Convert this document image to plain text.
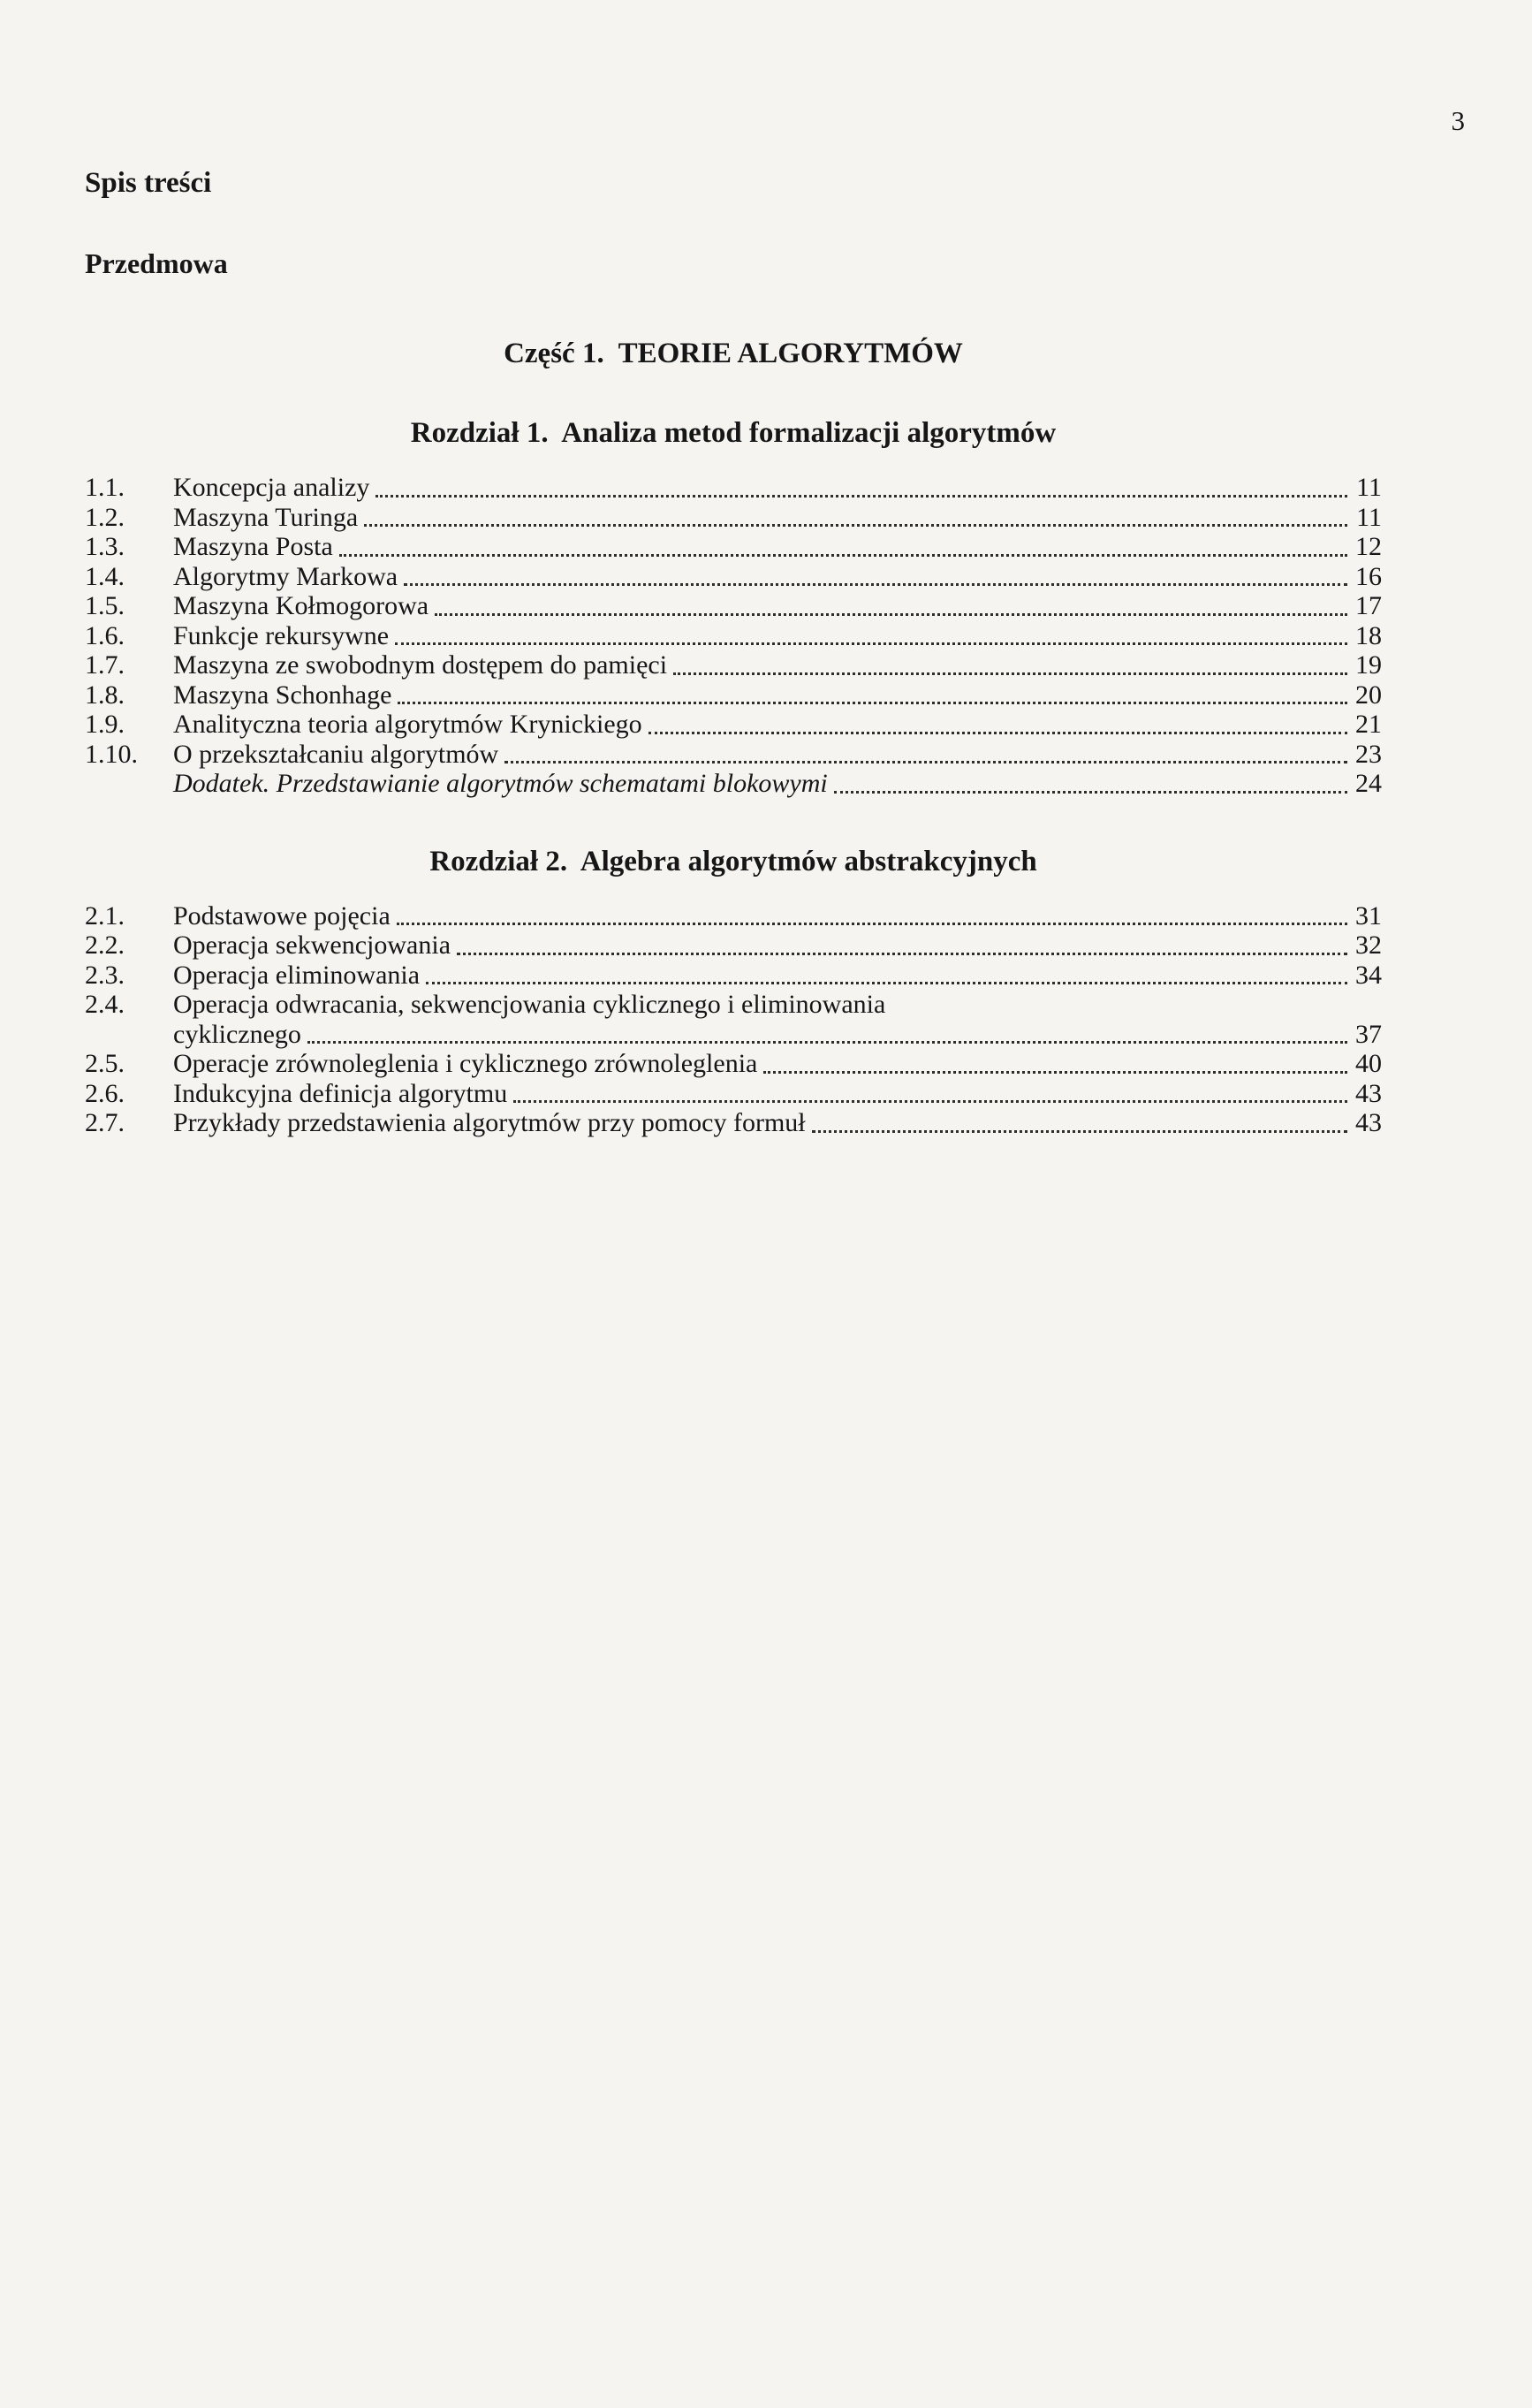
3
Spis treści
Przedmowa
Część 1.  TEORIE ALGORYTMÓW
Rozdział 1.  Analiza metod formalizacji algorytmów
1.1.	Koncepcja analizy	11
1.2.	Maszyna Turinga	11
1.3.	Maszyna Posta	12
1.4.	Algorytmy Markowa	16
1.5.	Maszyna Kołmogorowa	17
1.6.	Funkcje rekursywne	18
1.7.	Maszyna ze swobodnym dostępem do pamięci	19
1.8.	Maszyna Schonhage	20
1.9.	Analityczna teoria algorytmów Krynickiego	21
1.10.	O przekształcaniu algorytmów	23
Dodatek. Przedstawianie algorytmów schematami blokowymi	24
Rozdział 2.  Algebra algorytmów abstrakcyjnych
2.1.	Podstawowe pojęcia	31
2.2.	Operacja sekwencjowania	32
2.3.	Operacja eliminowania	34
2.4.	Operacja odwracania, sekwencjowania cyklicznego i eliminowania
cyklicznego	37
2.5.	Operacje zrównoleglenia i cyklicznego zrównoleglenia	40
2.6.	Indukcyjna definicja algorytmu	43
2.7.	Przykłady przedstawienia algorytmów przy pomocy formuł	43
